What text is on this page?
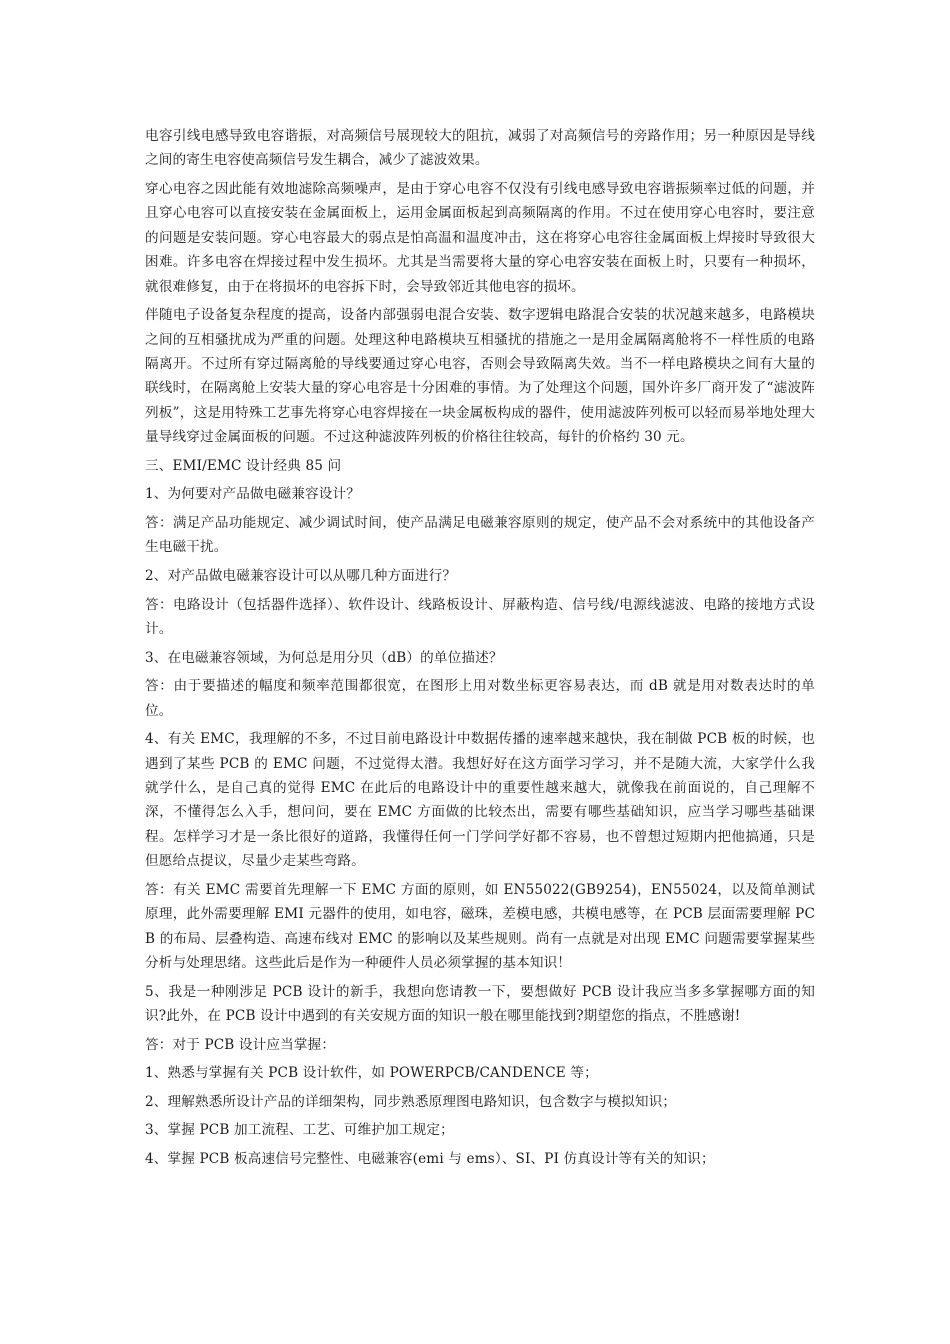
电容引线电感导致电容谐振，对高频信号展现较大的阻抗，减弱了对高频信号的旁路作用；另一种原因是导线之间的寄生电容使高频信号发生耦合，减少了滤波效果。

穿心电容之因此能有效地滤除高频噪声，是由于穿心电容不仅没有引线电感导致电容谐振频率过低的问题，并且穿心电容可以直接安装在金属面板上，运用金属面板起到高频隔离的作用。不过在使用穿心电容时，要注意的问题是安装问题。穿心电容最大的弱点是怕高温和温度冲击，这在将穿心电容往金属面板上焊接时导致很大困难。许多电容在焊接过程中发生损坏。尤其是当需要将大量的穿心电容安装在面板上时，只要有一种损坏，就很难修复，由于在将损坏的电容拆下时，会导致邻近其他电容的损坏。

伴随电子设备复杂程度的提高，设备内部强弱电混合安装、数字逻辑电路混合安装的状况越来越多，电路模块之间的互相骚扰成为严重的问题。处理这种电路模块互相骚扰的措施之一是用金属隔离舱将不一样性质的电路隔离开。不过所有穿过隔离舱的导线要通过穿心电容，否则会导致隔离失效。当不一样电路模块之间有大量的联线时，在隔离舱上安装大量的穿心电容是十分困难的事情。为了处理这个问题，国外许多厂商开发了“滤波阵列板”，这是用特殊工艺事先将穿心电容焊接在一块金属板构成的器件，使用滤波阵列板可以轻而易举地处理大量导线穿过金属面板的问题。不过这种滤波阵列板的价格往往较高，每针的价格约 30 元。

三、EMI/EMC 设计经典 85 问

1、为何要对产品做电磁兼容设计？

答：满足产品功能规定、减少调试时间，使产品满足电磁兼容原则的规定，使产品不会对系统中的其他设备产生电磁干扰。

2、对产品做电磁兼容设计可以从哪几种方面进行？

答：电路设计（包括器件选择）、软件设计、线路板设计、屏蔽构造、信号线/电源线滤波、电路的接地方式设计。

3、在电磁兼容领域，为何总是用分贝（dB）的单位描述？

答：由于要描述的幅度和频率范围都很宽，在图形上用对数坐标更容易表达，而 dB 就是用对数表达时的单位。

4、有关 EMC，我理解的不多，不过目前电路设计中数据传播的速率越来越快，我在制做 PCB 板的时候，也遇到了某些 PCB 的 EMC 问题，不过觉得太潜。我想好好在这方面学习学习，并不是随大流，大家学什么我就学什么，是自己真的觉得 EMC 在此后的电路设计中的重要性越来越大，就像我在前面说的，自己理解不深，不懂得怎么入手，想问问，要在 EMC 方面做的比较杰出，需要有哪些基础知识，应当学习哪些基础课程。怎样学习才是一条比很好的道路，我懂得任何一门学问学好都不容易，也不曾想过短期内把他搞通，只是但愿给点提议，尽量少走某些弯路。

答：有关 EMC 需要首先理解一下 EMC 方面的原则，如 EN55022(GB9254)，EN55024，以及简单测试原理，此外需要理解 EMI 元器件的使用，如电容，磁珠，差模电感，共模电感等，在 PCB 层面需要理解 PCB 的布局、层叠构造、高速布线对 EMC 的影响以及某些规则。尚有一点就是对出现 EMC 问题需要掌握某些分析与处理思绪。这些此后是作为一种硬件人员必须掌握的基本知识！

5、我是一种刚涉足 PCB 设计的新手，我想向您请教一下，要想做好 PCB 设计我应当多多掌握哪方面的知识?此外，在 PCB 设计中遇到的有关安规方面的知识一般在哪里能找到?期望您的指点，不胜感谢!

答：对于 PCB 设计应当掌握：

1、熟悉与掌握有关 PCB 设计软件，如 POWERPCB/CANDENCE 等；

2、理解熟悉所设计产品的详细架构，同步熟悉原理图电路知识，包含数字与模拟知识；

3、掌握 PCB 加工流程、工艺、可维护加工规定；

4、掌握 PCB 板高速信号完整性、电磁兼容(emi 与 ems）、SI、PI 仿真设计等有关的知识；
